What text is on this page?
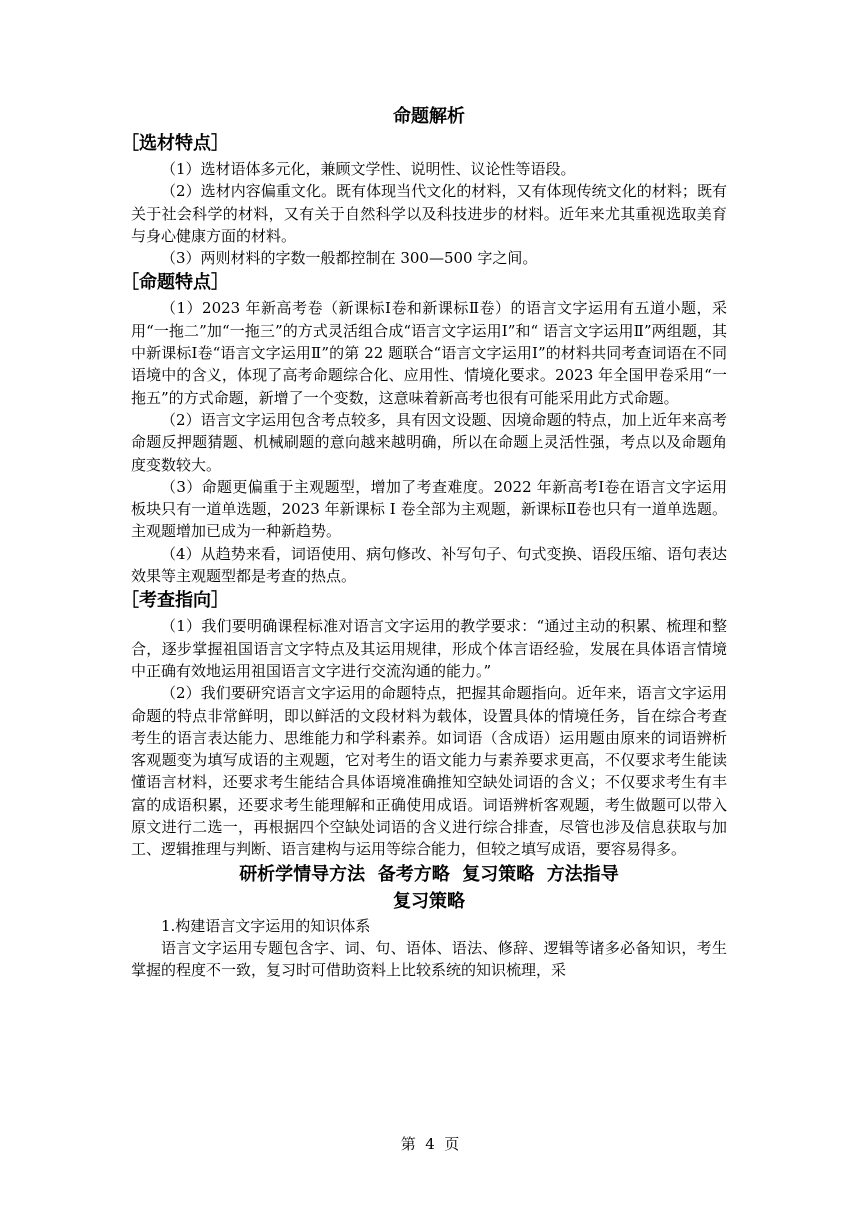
命题解析
［选材特点］

（1）选材语体多元化，兼顾文学性、说明性、议论性等语段。

（2）选材内容偏重文化。既有体现当代文化的材料，又有体现传统文化的材料；既有关于社会科学的材料，又有关于自然科学以及科技进步的材料。近年来尤其重视选取美育与身心健康方面的材料。

（3）两则材料的字数一般都控制在 300—500 字之间。

［命题特点］

（1）2023 年新高考卷（新课标Ⅰ卷和新课标Ⅱ卷）的语言文字运用有五道小题，采用“一拖二”加“一拖三”的方式灵活组合成“语言文字运用Ⅰ”和“ 语言文字运用Ⅱ”两组题，其中新课标Ⅰ卷“语言文字运用Ⅱ”的第 22 题联合“语言文字运用Ⅰ”的材料共同考查词语在不同语境中的含义，体现了高考命题综合化、应用性、情境化要求。2023 年全国甲卷采用“一拖五”的方式命题，新增了一个变数，这意味着新高考也很有可能采用此方式命题。

（2）语言文字运用包含考点较多，具有因文设题、因境命题的特点，加上近年来高考命题反押题猜题、机械刷题的意向越来越明确，所以在命题上灵活性强，考点以及命题角度变数较大。

（3）命题更偏重于主观题型，增加了考查难度。2022 年新高考Ⅰ卷在语言文字运用板块只有一道单选题，2023 年新课标 I 卷全部为主观题，新课标Ⅱ卷也只有一道单选题。主观题增加已成为一种新趋势。

（4）从趋势来看，词语使用、病句修改、补写句子、句式变换、语段压缩、语句表达效果等主观题型都是考查的热点。

［考查指向］

（1）我们要明确课程标准对语言文字运用的教学要求：“通过主动的积累、梳理和整合，逐步掌握祖国语言文字特点及其运用规律，形成个体言语经验，发展在具体语言情境中正确有效地运用祖国语言文字进行交流沟通的能力。”

（2）我们要研究语言文字运用的命题特点，把握其命题指向。近年来，语言文字运用命题的特点非常鲜明，即以鲜活的文段材料为载体，设置具体的情境任务，旨在综合考查考生的语言表达能力、思维能力和学科素养。如词语（含成语）运用题由原来的词语辨析客观题变为填写成语的主观题，它对考生的语文能力与素养要求更高，不仅要求考生能读懂语言材料，还要求考生能结合具体语境准确推知空缺处词语的含义；不仅要求考生有丰富的成语积累，还要求考生能理解和正确使用成语。词语辨析客观题，考生做题可以带入原文进行二选一，再根据四个空缺处词语的含义进行综合排查，尽管也涉及信息获取与加工、逻辑推理与判断、语言建构与运用等综合能力，但较之填写成语，要容易得多。

研析学情导方法  备考方略  复习策略  方法指导
复习策略

1.构建语言文字运用的知识体系

语言文字运用专题包含字、词、句、语体、语法、修辞、逻辑等诸多必备知识，考生掌握的程度不一致，复习时可借助资料上比较系统的知识梳理，采

第  4  页
